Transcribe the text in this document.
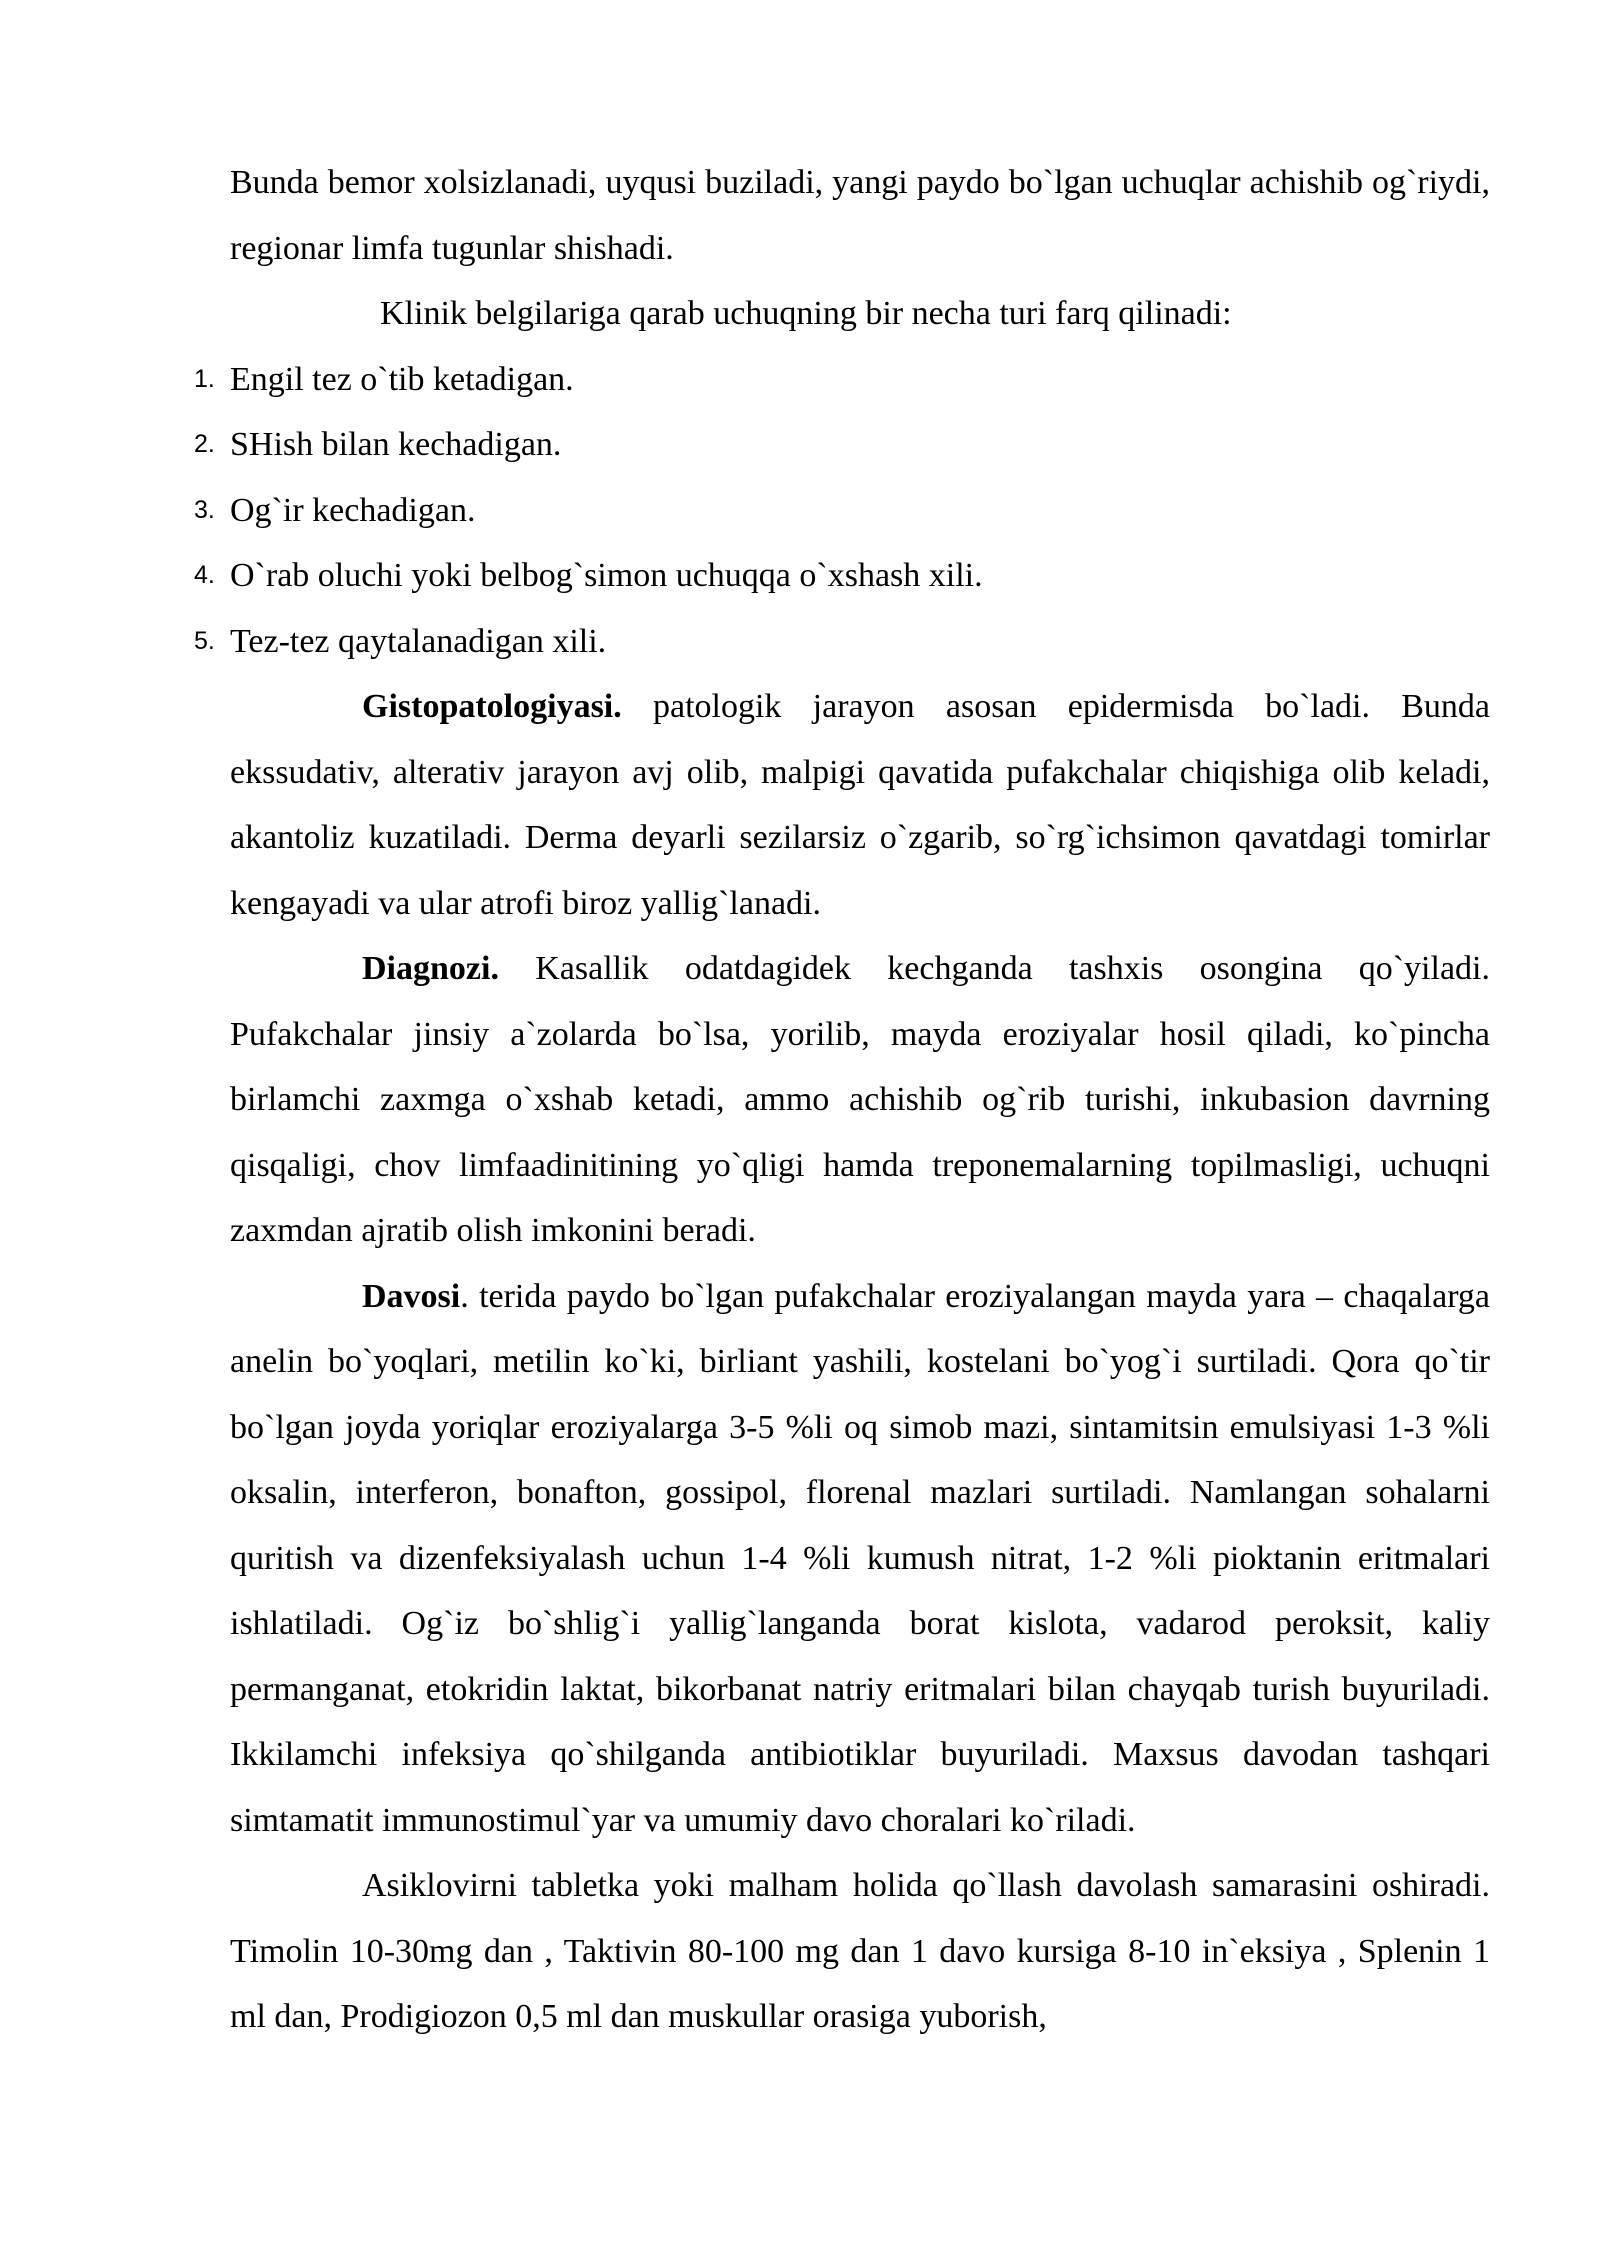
Bunda bemor xolsizlanadi, uyqusi buziladi, yangi paydo bo`lgan uchuqlar achishib og`riydi, regionar limfa tugunlar shishadi.

Klinik belgilariga qarab uchuqning bir necha turi farq qilinadi:

1. Engil tez o`tib ketadigan.
2. SHish bilan kechadigan.
3. Og`ir kechadigan.
4. O`rab oluchi yoki belbog`simon uchuqqa o`xshash xili.
5. Tez-tez qaytalanadigan xili.

Gistopatologiyasi. patologik jarayon asosan epidermisda bo`ladi. Bunda ekssudativ, alterativ jarayon avj olib, malpigi qavatida pufakchalar chiqishiga olib keladi, akantoliz kuzatiladi. Derma deyarli sezilarsiz o`zgarib, so`rg`ichsimon qavatdagi tomirlar kengayadi va ular atrofi biroz yallig`lanadi.

Diagnozi. Kasallik odatdagidek kechganda tashxis osongina qo`yiladi. Pufakchalar jinsiy a`zolarda bo`lsa, yorilib, mayda eroziyalar hosil qiladi, ko`pincha birlamchi zaxmga o`xshab ketadi, ammo achishib og`rib turishi, inkubasion davrning qisqaligi, chov limfaadinitining yo`qligi hamda treponemalarning topilmasligi, uchuqni zaxmdan ajratib olish imkonini beradi.

Davosi. terida paydo bo`lgan pufakchalar eroziyalangan mayda yara – chaqalarga anelin bo`yoqlari, metilin ko`ki, birliant yashili, kostelani bo`yog`i surtiladi. Qora qo`tir bo`lgan joyda yoriqlar eroziyalarga 3-5 %li oq simob mazi, sintamitsin emulsiyasi 1-3 %li oksalin, interferon, bonafton, gossipol, florenal mazlari surtiladi. Namlangan sohalarni quritish va dizenfeksiyalash uchun 1-4 %li kumush nitrat, 1-2 %li pioktanin eritmalari ishlatiladi. Og`iz bo`shlig`i yallig`langanda borat kislota, vadarod peroksit, kaliy permanganat, etokridin laktat, bikorbanat natriy eritmalari bilan chayqab turish buyuriladi. Ikkilamchi infeksiya qo`shilganda antibiotiklar buyuriladi. Maxsus davodan tashqari simtamatit immunostimul`yar va umumiy davo choralari ko`riladi.

Asiklovirni tabletka yoki malham holida qo`llash davolash samarasini oshiradi. Timolin 10-30mg dan , Taktivin 80-100 mg dan 1 davo kursiga 8-10 in`eksiya , Splenin 1 ml dan, Prodigiozon 0,5 ml dan muskullar orasiga yuborish,
